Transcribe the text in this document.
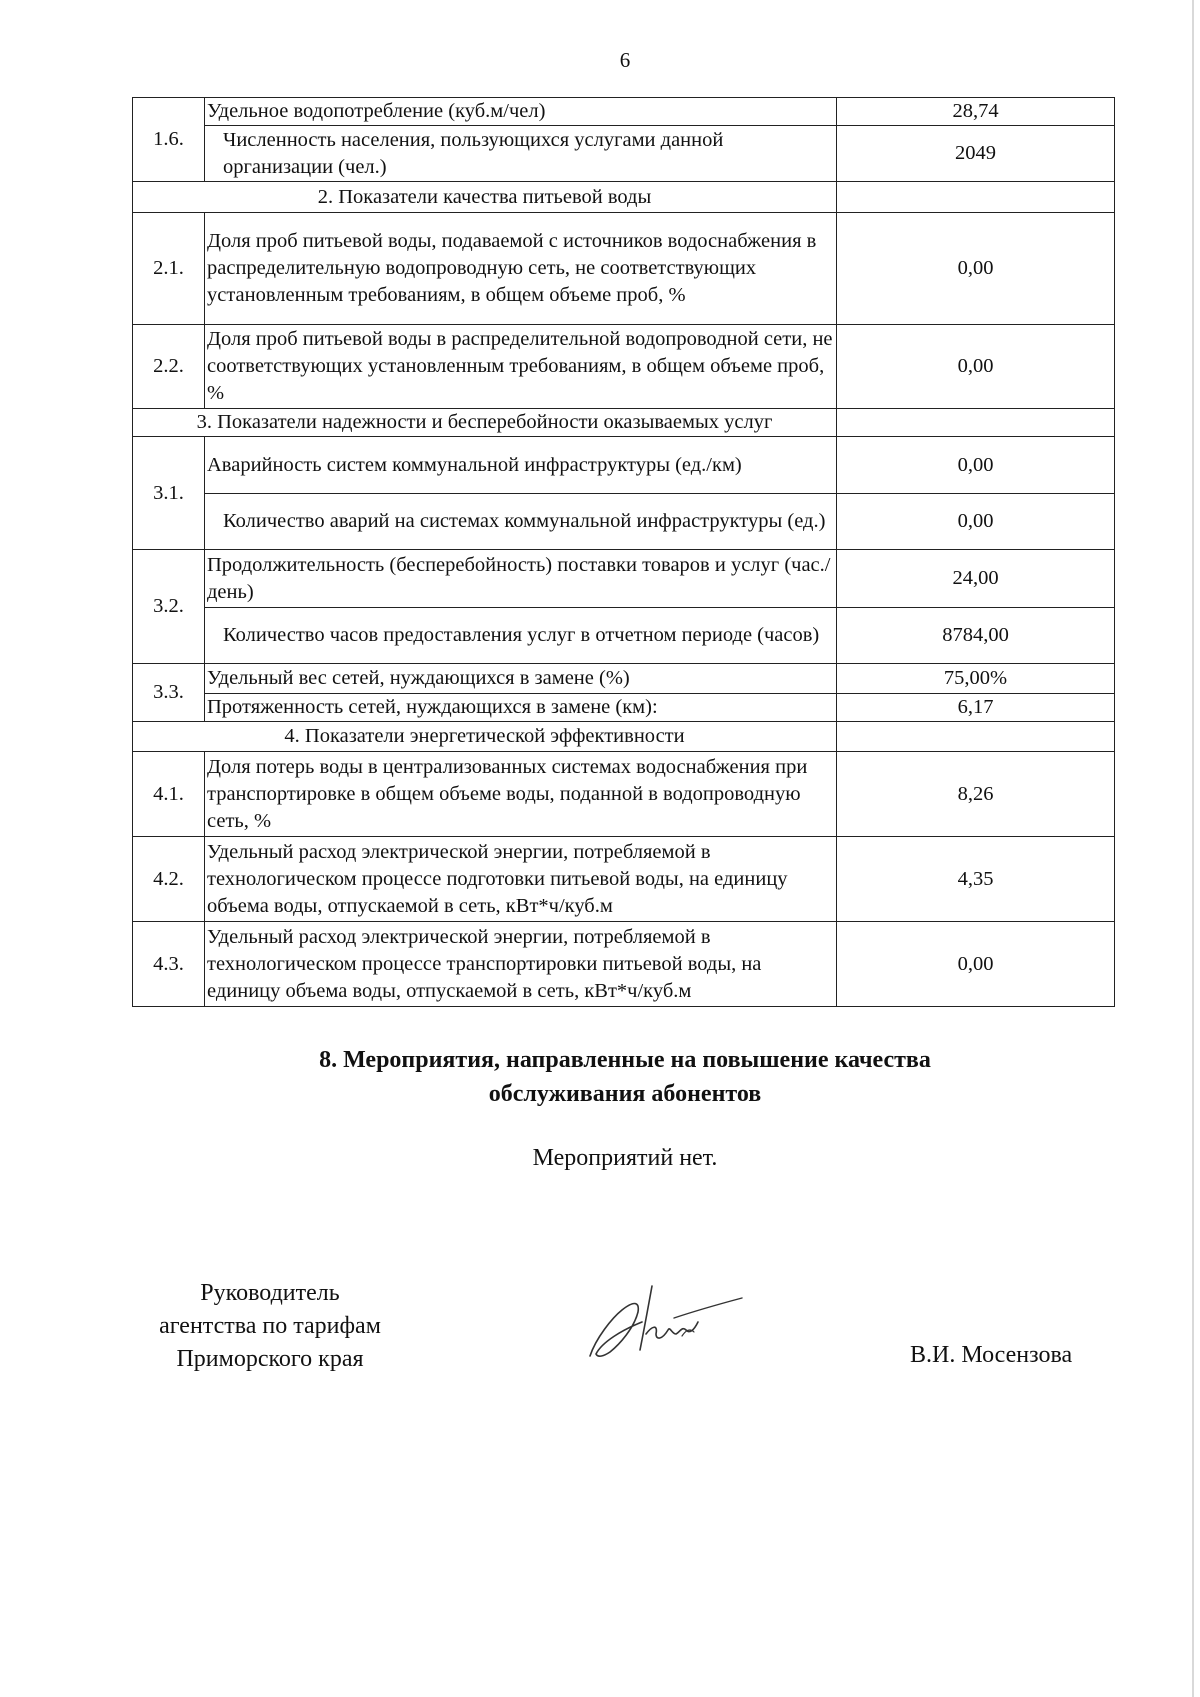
6
1.6.	Удельное водопотребление (куб.м/чел)	28,74
	Численность населения, пользующихся услугами данной организации (чел.)	2049
2. Показатели качества питьевой воды		
2.1.	Доля проб питьевой воды, подаваемой с источников водоснабжения в распределительную водопроводную сеть, не соответствующих установленным требованиям, в общем объеме проб, %	0,00
2.2.	Доля проб питьевой воды в распределительной водопроводной сети, не соответствующих установленным требованиям, в общем объеме проб, %	0,00
3. Показатели надежности и бесперебойности оказываемых услуг		
3.1.	Аварийность систем коммунальной инфраструктуры (ед./км)	0,00
	Количество аварий на системах коммунальной инфраструктуры (ед.)	0,00
3.2.	Продолжительность (бесперебойность) поставки товаров и услуг (час./день)	24,00
	Количество часов предоставления услуг в отчетном периоде (часов)	8784,00
3.3.	Удельный вес сетей, нуждающихся в замене (%)	75,00%
	Протяженность сетей, нуждающихся в замене (км):	6,17
4. Показатели энергетической эффективности		
4.1.	Доля потерь воды в централизованных системах водоснабжения при транспортировке в общем объеме воды, поданной в водопроводную сеть, %	8,26
4.2.	Удельный расход электрической энергии, потребляемой в технологическом процессе подготовки питьевой воды, на единицу объема воды, отпускаемой в сеть, кВт*ч/куб.м	4,35
4.3.	Удельный расход электрической энергии, потребляемой в технологическом процессе транспортировки питьевой воды, на единицу объема воды, отпускаемой в сеть, кВт*ч/куб.м	0,00
8. Мероприятия, направленные на повышение качества
обслуживания абонентов
Мероприятий нет.
Руководитель
агентства по тарифам
Приморского края	В.И. Мосензова
